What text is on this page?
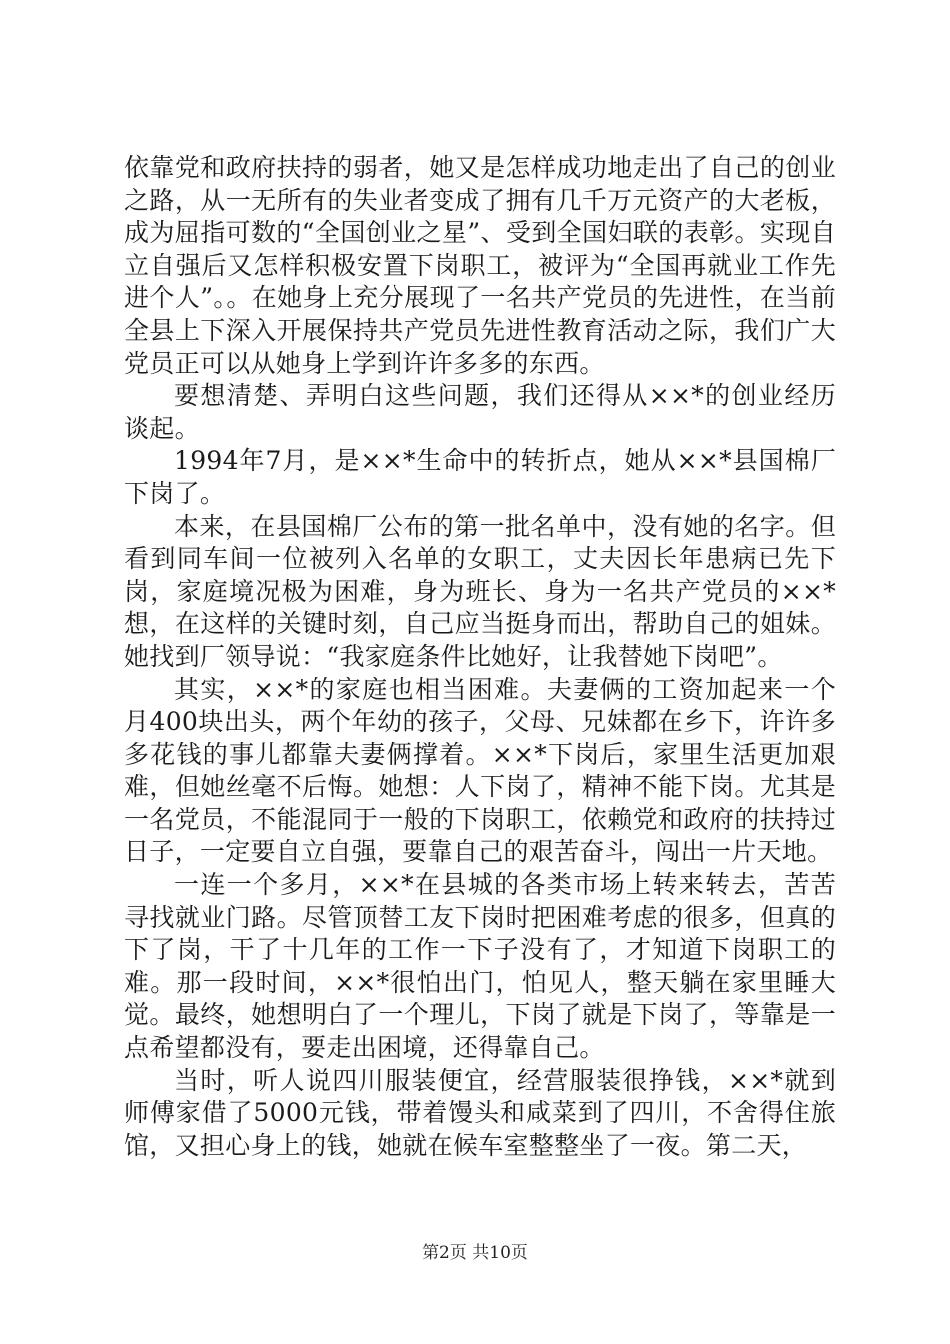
依靠党和政府扶持的弱者，她又是怎样成功地走出了自己的创业之路，从一无所有的失业者变成了拥有几千万元资产的大老板，成为屈指可数的“全国创业之星”、受到全国妇联的表彰。实现自立自强后又怎样积极安置下岗职工，被评为“全国再就业工作先进个人”。。在她身上充分展现了一名共产党员的先进性，在当前全县上下深入开展保持共产党员先进性教育活动之际，我们广大党员正可以从她身上学到许许多多的东西。

要想清楚、弄明白这些问题，我们还得从××*的创业经历谈起。

1994年7月，是××*生命中的转折点，她从××*县国棉厂下岗了。

本来，在县国棉厂公布的第一批名单中，没有她的名字。但看到同车间一位被列入名单的女职工，丈夫因长年患病已先下岗，家庭境况极为困难，身为班长、身为一名共产党员的××*想，在这样的关键时刻，自己应当挺身而出，帮助自己的姐妹。她找到厂领导说：“我家庭条件比她好，让我替她下岗吧”。

其实，××*的家庭也相当困难。夫妻俩的工资加起来一个月400块出头，两个年幼的孩子，父母、兄妹都在乡下，许许多多花钱的事儿都靠夫妻俩撑着。××*下岗后，家里生活更加艰难，但她丝毫不后悔。她想：人下岗了，精神不能下岗。尤其是一名党员，不能混同于一般的下岗职工，依赖党和政府的扶持过日子，一定要自立自强，要靠自己的艰苦奋斗，闯出一片天地。

一连一个多月，××*在县城的各类市场上转来转去，苦苦寻找就业门路。尽管顶替工友下岗时把困难考虑的很多，但真的下了岗，干了十几年的工作一下子没有了，才知道下岗职工的难。那一段时间，××*很怕出门，怕见人，整天躺在家里睡大觉。最终，她想明白了一个理儿，下岗了就是下岗了，等靠是一点希望都没有，要走出困境，还得靠自己。

当时，听人说四川服装便宜，经营服装很挣钱，××*就到师傅家借了5000元钱，带着馒头和咸菜到了四川，不舍得住旅馆，又担心身上的钱，她就在候车室整整坐了一夜。第二天，

第2页 共10页
